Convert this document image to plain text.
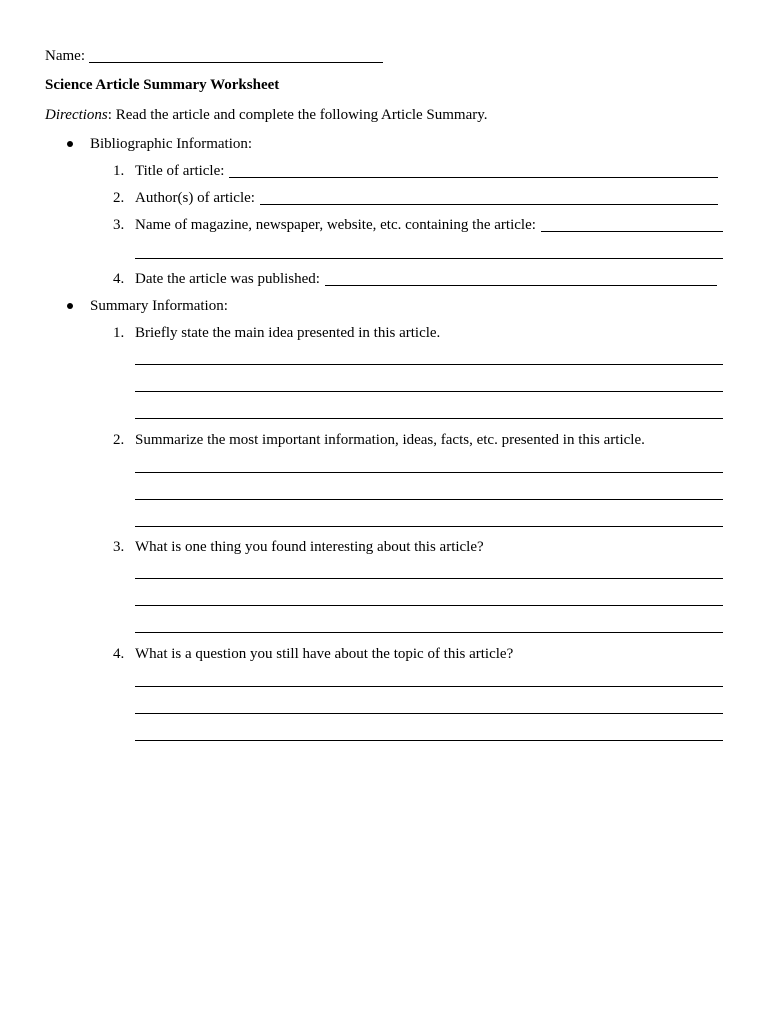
Name:
Science Article Summary Worksheet
Directions: Read the article and complete the following Article Summary.
Bibliographic Information:
1. Title of article:
2. Author(s) of article:
3. Name of magazine, newspaper, website, etc. containing the article:
4. Date the article was published:
Summary Information:
1. Briefly state the main idea presented in this article.
2. Summarize the most important information, ideas, facts, etc. presented in this article.
3. What is one thing you found interesting about this article?
4. What is a question you still have about the topic of this article?
